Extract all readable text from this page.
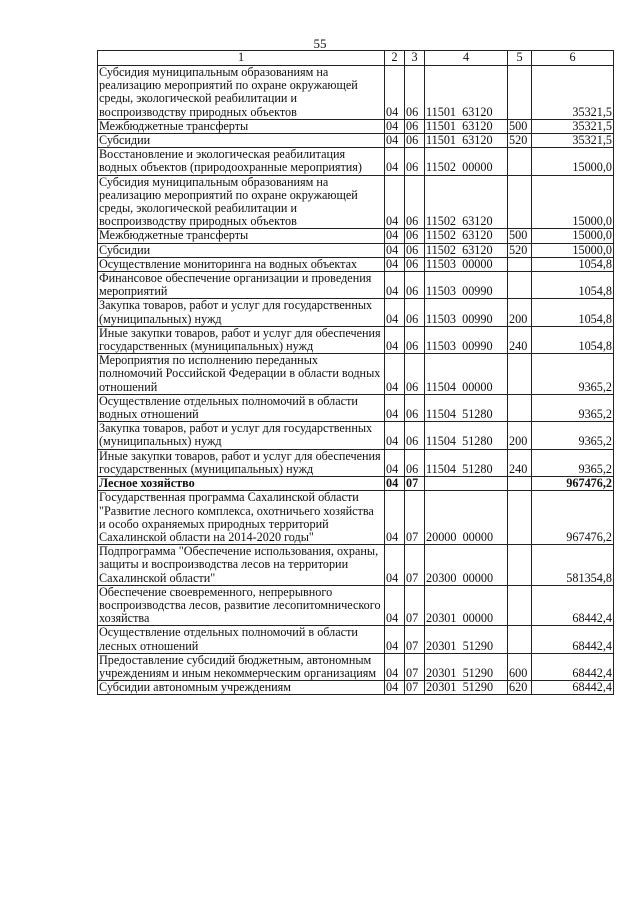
55
1	2	3	4	5	6
Субсидия муниципальным образованиям на реализацию мероприятий по охране окружающей среды, экологической реабилитации и воспроизводству природных объектов	04	06	11501  63120		35321,5
Межбюджетные трансферты	04	06	11501  63120	500	35321,5
Субсидии	04	06	11501  63120	520	35321,5
Восстановление и экологическая реабилитация водных объектов (природоохранные мероприятия)	04	06	11502  00000		15000,0
Субсидия муниципальным образованиям на реализацию мероприятий по охране окружающей среды, экологической реабилитации и воспроизводству природных объектов	04	06	11502  63120		15000,0
Межбюджетные трансферты	04	06	11502  63120	500	15000,0
Субсидии	04	06	11502  63120	520	15000,0
Осуществление мониторинга на водных объектах	04	06	11503  00000		1054,8
Финансовое обеспечение организации и проведения мероприятий	04	06	11503  00990		1054,8
Закупка товаров, работ и услуг для государственных (муниципальных) нужд	04	06	11503  00990	200	1054,8
Иные закупки товаров, работ и услуг для обеспечения государственных (муниципальных) нужд	04	06	11503  00990	240	1054,8
Мероприятия по исполнению переданных полномочий Российской Федерации в области водных отношений	04	06	11504  00000		9365,2
Осуществление отдельных полномочий в области водных отношений	04	06	11504  51280		9365,2
Закупка товаров, работ и услуг для государственных (муниципальных) нужд	04	06	11504  51280	200	9365,2
Иные закупки товаров, работ и услуг для обеспечения государственных (муниципальных) нужд	04	06	11504  51280	240	9365,2
Лесное хозяйство	04	07			967476,2
Государственная программа Сахалинской области "Развитие лесного комплекса, охотничьего хозяйства и особо охраняемых природных территорий Сахалинской области на 2014-2020 годы"	04	07	20000  00000		967476,2
Подпрограмма "Обеспечение использования, охраны, защиты и воспроизводства лесов на территории Сахалинской области"	04	07	20300  00000		581354,8
Обеспечение своевременного, непрерывного воспроизводства лесов, развитие лесопитомнического хозяйства	04	07	20301  00000		68442,4
Осуществление отдельных полномочий в области лесных отношений	04	07	20301  51290		68442,4
Предоставление субсидий бюджетным, автономным учреждениям и иным некоммерческим организациям	04	07	20301  51290	600	68442,4
Субсидии автономным учреждениям	04	07	20301  51290	620	68442,4
